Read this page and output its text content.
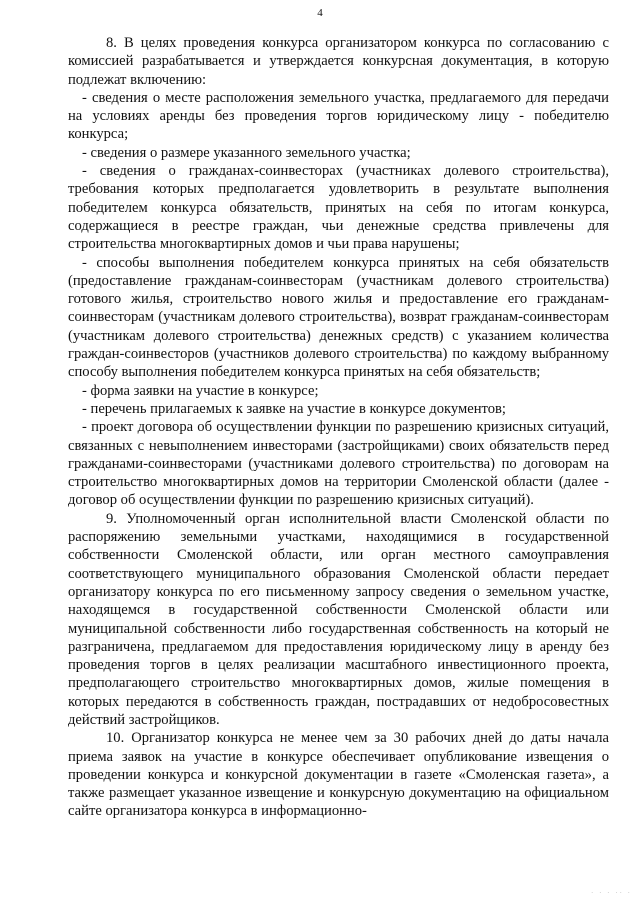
4

8. В целях проведения конкурса организатором конкурса по согласованию с комиссией разрабатывается и утверждается конкурсная документация, в которую подлежат включению:

- сведения о месте расположения земельного участка, предлагаемого для передачи на условиях аренды без проведения торгов юридическому лицу - победителю конкурса;

- сведения о размере указанного земельного участка;

- сведения о гражданах-соинвесторах (участниках долевого строительства), требования которых предполагается удовлетворить в результате выполнения победителем конкурса обязательств, принятых на себя по итогам конкурса, содержащиеся в реестре граждан, чьи денежные средства привлечены для строительства многоквартирных домов и чьи права нарушены;

- способы выполнения победителем конкурса принятых на себя обязательств (предоставление гражданам-соинвесторам (участникам долевого строительства) готового жилья, строительство нового жилья и предоставление его гражданам-соинвесторам (участникам долевого строительства), возврат гражданам-соинвесторам (участникам долевого строительства) денежных средств) с указанием количества граждан-соинвесторов (участников долевого строительства) по каждому выбранному способу выполнения победителем конкурса принятых на себя обязательств;

- форма заявки на участие в конкурсе;

- перечень прилагаемых к заявке на участие в конкурсе документов;

- проект договора об осуществлении функции по разрешению кризисных ситуаций, связанных с невыполнением инвесторами (застройщиками) своих обязательств перед гражданами-соинвесторами (участниками долевого строительства) по договорам на строительство многоквартирных домов на территории Смоленской области (далее - договор об осуществлении функции по разрешению кризисных ситуаций).

9. Уполномоченный орган исполнительной власти Смоленской области по распоряжению земельными участками, находящимися в государственной собственности Смоленской области, или орган местного самоуправления соответствующего муниципального образования Смоленской области передает организатору конкурса по его письменному запросу сведения о земельном участке, находящемся в государственной собственности Смоленской области или муниципальной собственности либо государственная собственность на который не разграничена, предлагаемом для предоставления юридическому лицу в аренду без проведения торгов в целях реализации масштабного инвестиционного проекта, предполагающего строительство многоквартирных домов, жилые помещения в которых передаются в собственность граждан, пострадавших от недобросовестных действий застройщиков.

10. Организатор конкурса не менее чем за 30 рабочих дней до даты начала приема заявок на участие в конкурсе обеспечивает опубликование извещения о проведении конкурса и конкурсной документации в газете «Смоленская газета», а также размещает указанное извещение и конкурсную документацию на официальном сайте организатора конкурса в информационно-

· · · ·· ·
